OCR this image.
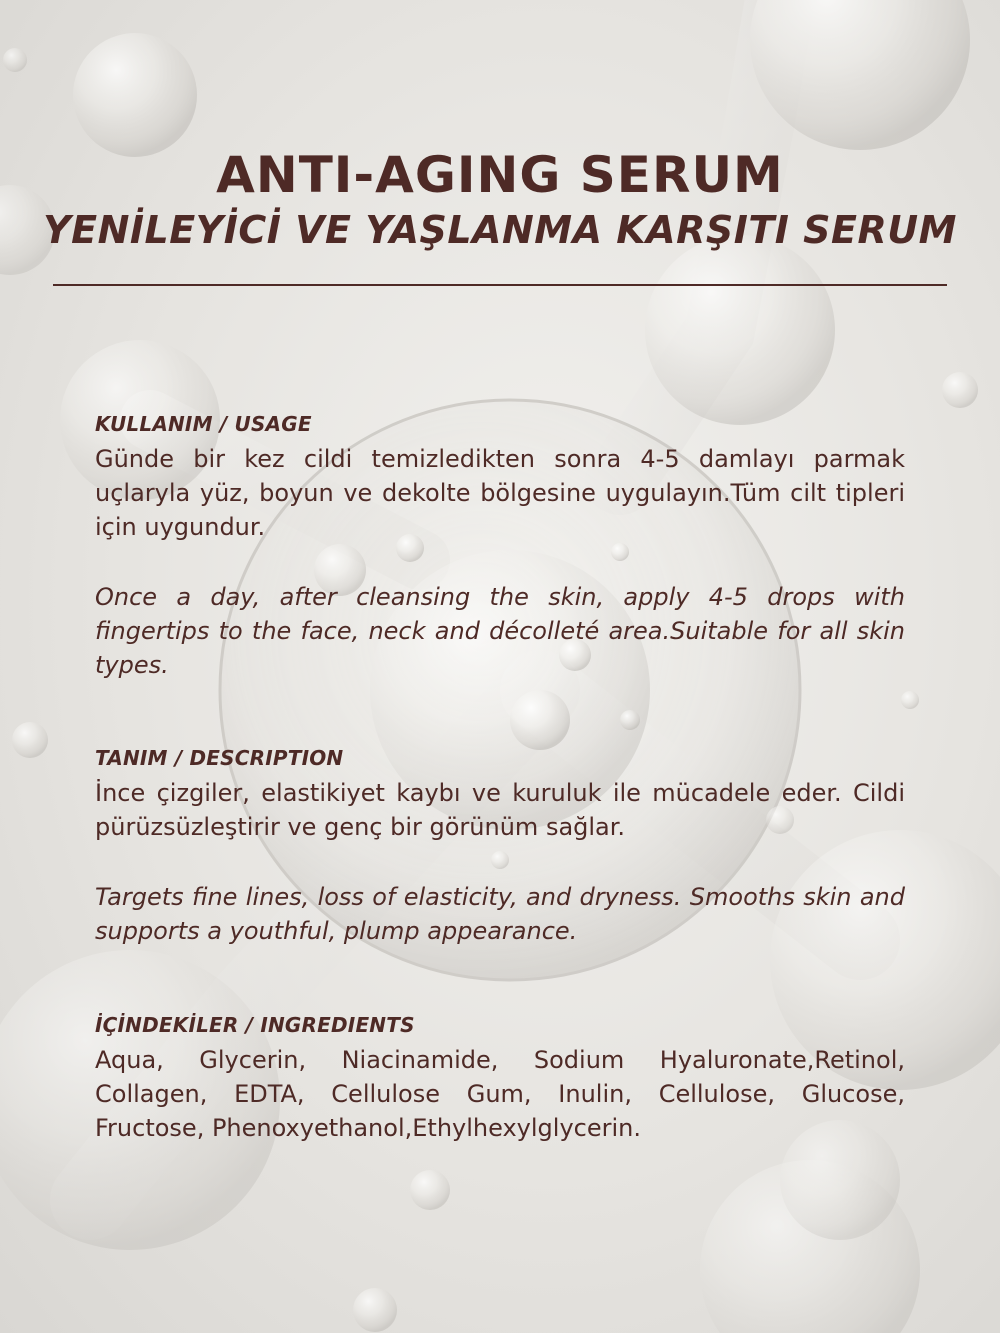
ANTI-AGING SERUM
YENİLEYİCİ VE YAŞLANMA KARŞITI SERUM

KULLANIM / USAGE

Günde bir kez cildi temizledikten sonra 4-5 damlayı parmak uçlaryla yüz, boyun ve dekolte bölgesine uygulayın.Tüm cilt tipleri için uygundur.

Once a day, after cleansing the skin, apply 4-5 drops with fingertips to the face, neck and décolleté area.Suitable for all skin types.

TANIM / DESCRIPTION

İnce çizgiler, elastikiyet kaybı ve kuruluk ile mücadele eder. Cildi pürüzsüzleştirir ve genç bir görünüm sağlar.

Targets fine lines, loss of elasticity, and dryness. Smooths skin and supports a youthful, plump appearance.

İÇİNDEKİLER / INGREDIENTS

Aqua, Glycerin, Niacinamide, Sodium Hyaluronate,Retinol, Collagen, EDTA, Cellulose Gum, Inulin, Cellulose, Glucose, Fructose, Phenoxyethanol,Ethylhexylglycerin.
